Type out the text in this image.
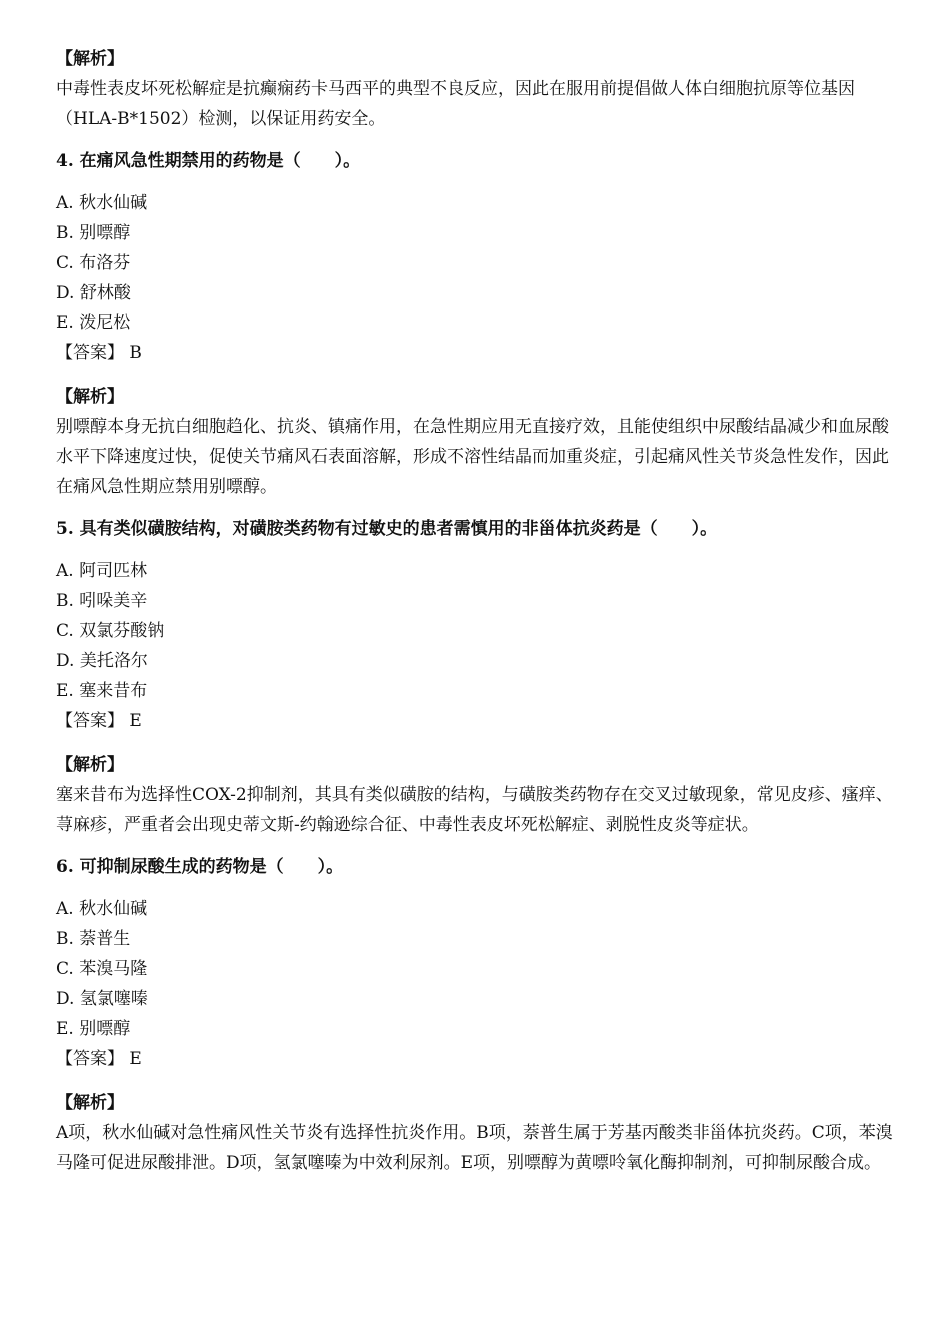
【解析】

中毒性表皮坏死松解症是抗癫痫药卡马西平的典型不良反应，因此在服用前提倡做人体白细胞抗原等位基因（HLA-B*1502）检测，以保证用药安全。

4. 在痛风急性期禁用的药物是（　　）。

A. 秋水仙碱

B. 别嘌醇

C. 布洛芬

D. 舒林酸

E. 泼尼松

【答案】 B

【解析】

别嘌醇本身无抗白细胞趋化、抗炎、镇痛作用，在急性期应用无直接疗效，且能使组织中尿酸结晶减少和血尿酸水平下降速度过快，促使关节痛风石表面溶解，形成不溶性结晶而加重炎症，引起痛风性关节炎急性发作，因此在痛风急性期应禁用别嘌醇。

5. 具有类似磺胺结构，对磺胺类药物有过敏史的患者需慎用的非甾体抗炎药是（　　）。

A. 阿司匹林

B. 吲哚美辛

C. 双氯芬酸钠

D. 美托洛尔

E. 塞来昔布

【答案】 E

【解析】

塞来昔布为选择性COX-2抑制剂，其具有类似磺胺的结构，与磺胺类药物存在交叉过敏现象，常见皮疹、瘙痒、荨麻疹，严重者会出现史蒂文斯-约翰逊综合征、中毒性表皮坏死松解症、剥脱性皮炎等症状。

6. 可抑制尿酸生成的药物是（　　）。

A. 秋水仙碱

B. 萘普生

C. 苯溴马隆

D. 氢氯噻嗪

E. 别嘌醇

【答案】 E

【解析】

A项，秋水仙碱对急性痛风性关节炎有选择性抗炎作用。B项，萘普生属于芳基丙酸类非甾体抗炎药。C项，苯溴马隆可促进尿酸排泄。D项，氢氯噻嗪为中效利尿剂。E项，别嘌醇为黄嘌呤氧化酶抑制剂，可抑制尿酸合成。
